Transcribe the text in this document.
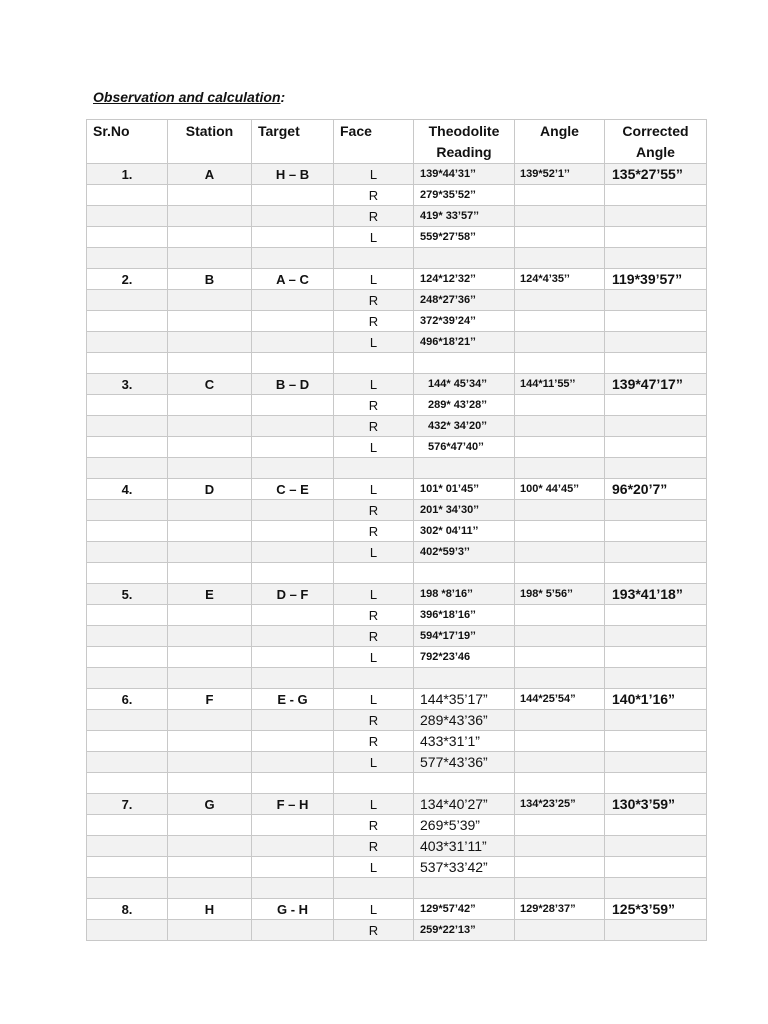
Observation and calculation:
Sr.No	Station	Target	Face	Theodolite Reading	Angle	Corrected Angle
1.	A	H – B	L	139*44’31’’	139*52’1’’	135*27’55”
			R	279*35’52’’		
			R	419* 33’57’’		
			L	559*27’58’’		

2.	B	A – C	L	124*12’32’’	124*4’35’’	119*39’57”
			R	248*27’36’’		
			R	372*39’24’’		
			L	496*18’21’’		

3.	C	B – D	L	144* 45’34’’	144*11’55’’	139*47’17”
			R	289* 43’28’’		
			R	432* 34’20’’		
			L	576*47’40’’		

4.	D	C – E	L	101* 01’45’’	100* 44’45’’	96*20’7”
			R	201* 34’30’’		
			R	302* 04’11’’		
			L	402*59’3’’		

5.	E	D – F	L	198 *8’16’’	198* 5’56’’	193*41’18”
			R	396*18’16’’		
			R	594*17’19’’		
			L	792*23’46		

6.	F	E - G	L	144*35’17”	144*25’54”	140*1’16”
			R	289*43’36”		
			R	433*31’1”		
			L	577*43’36”		

7.	G	F – H	L	134*40’27”	134*23’25”	130*3’59”
			R	269*5’39”		
			R	403*31’11”		
			L	537*33’42”		

8.	H	G - H	L	129*57’42”	129*28’37”	125*3’59”
			R	259*22’13”		
